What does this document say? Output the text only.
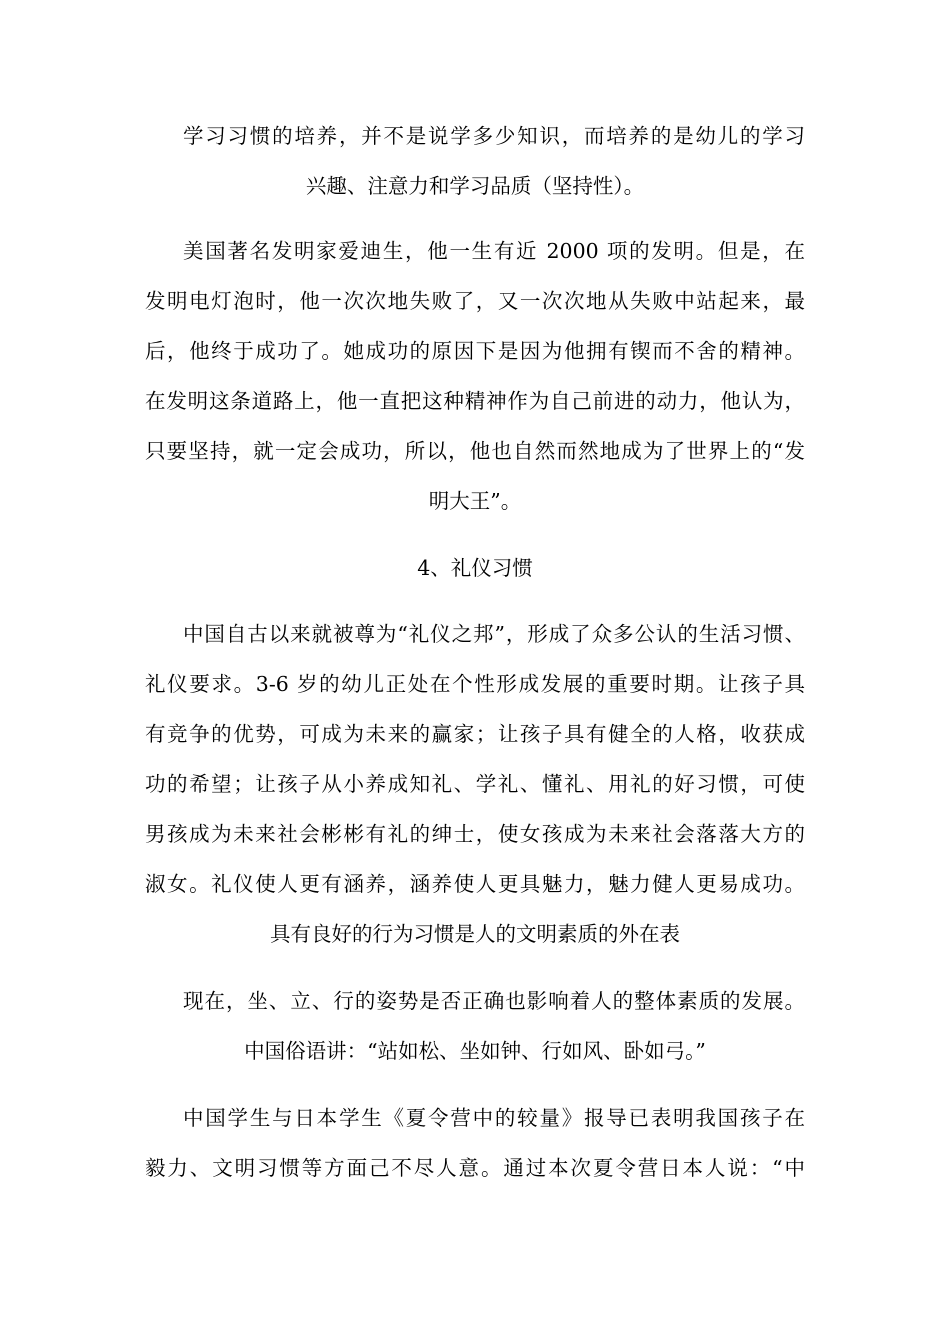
学习习惯的培养，并不是说学多少知识，而培养的是幼儿的学习
兴趣、注意力和学习品质（坚持性）。
美国著名发明家爱迪生，他一生有近 2000 项的发明。但是，在
发明电灯泡时，他一次次地失败了，又一次次地从失败中站起来，最
后，他终于成功了。她成功的原因下是因为他拥有锲而不舍的精神。
在发明这条道路上，他一直把这种精神作为自己前进的动力，他认为，
只要坚持，就一定会成功，所以，他也自然而然地成为了世界上的“发
明大王”。
4、礼仪习惯
中国自古以来就被尊为“礼仪之邦”，形成了众多公认的生活习惯、
礼仪要求。3-6 岁的幼儿正处在个性形成发展的重要时期。让孩子具
有竞争的优势，可成为未来的赢家；让孩子具有健全的人格，收获成
功的希望；让孩子从小养成知礼、学礼、懂礼、用礼的好习惯，可使
男孩成为未来社会彬彬有礼的绅士，使女孩成为未来社会落落大方的
淑女。礼仪使人更有涵养，涵养使人更具魅力，魅力健人更易成功。
具有良好的行为习惯是人的文明素质的外在表
现在，坐、立、行的姿势是否正确也影响着人的整体素质的发展。
中国俗语讲：“站如松、坐如钟、行如风、卧如弓。”
中国学生与日本学生《夏令营中的较量》报导已表明我国孩子在
毅力、文明习惯等方面己不尽人意。通过本次夏令营日本人说：“中
